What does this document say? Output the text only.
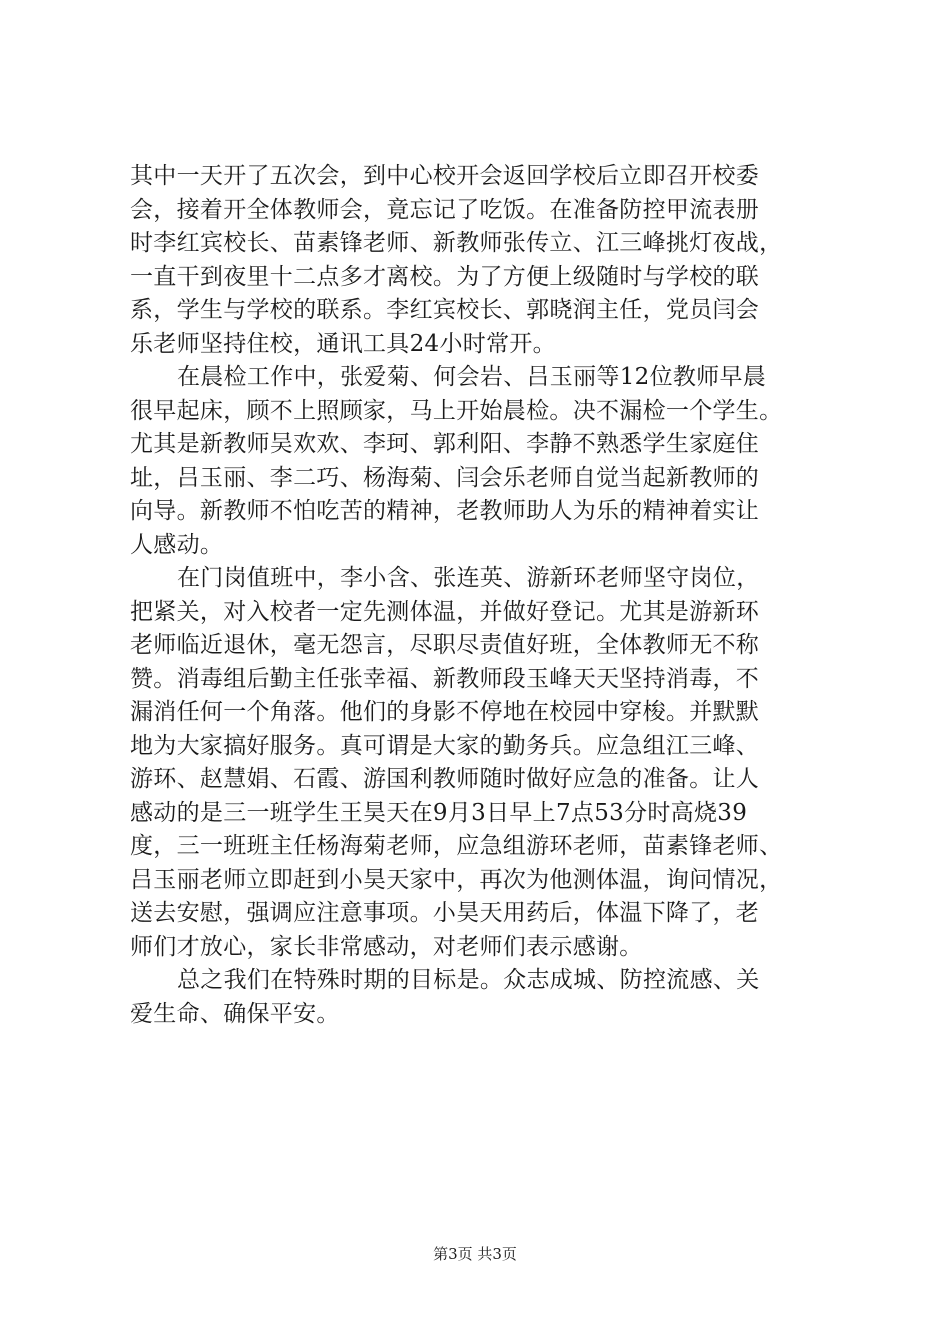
其中一天开了五次会，到中心校开会返回学校后立即召开校委
会，接着开全体教师会，竟忘记了吃饭。在准备防控甲流表册
时李红宾校长、苗素锋老师、新教师张传立、江三峰挑灯夜战，
一直干到夜里十二点多才离校。为了方便上级随时与学校的联
系，学生与学校的联系。李红宾校长、郭晓润主任，党员闫会
乐老师坚持住校，通讯工具24小时常开。
在晨检工作中，张爱菊、何会岩、吕玉丽等12位教师早晨
很早起床，顾不上照顾家，马上开始晨检。决不漏检一个学生。
尤其是新教师吴欢欢、李珂、郭利阳、李静不熟悉学生家庭住
址，吕玉丽、李二巧、杨海菊、闫会乐老师自觉当起新教师的
向导。新教师不怕吃苦的精神，老教师助人为乐的精神着实让
人感动。
在门岗值班中，李小含、张连英、游新环老师坚守岗位，
把紧关，对入校者一定先测体温，并做好登记。尤其是游新环
老师临近退休，毫无怨言，尽职尽责值好班，全体教师无不称
赞。消毒组后勤主任张幸福、新教师段玉峰天天坚持消毒，不
漏消任何一个角落。他们的身影不停地在校园中穿梭。并默默
地为大家搞好服务。真可谓是大家的勤务兵。应急组江三峰、
游环、赵慧娟、石霞、游国利教师随时做好应急的准备。让人
感动的是三一班学生王昊天在9月3日早上7点53分时高烧39
度，三一班班主任杨海菊老师，应急组游环老师，苗素锋老师、
吕玉丽老师立即赶到小昊天家中，再次为他测体温，询问情况，
送去安慰，强调应注意事项。小昊天用药后，体温下降了，老
师们才放心，家长非常感动，对老师们表示感谢。
总之我们在特殊时期的目标是。众志成城、防控流感、关
爱生命、确保平安。
第3页 共3页
